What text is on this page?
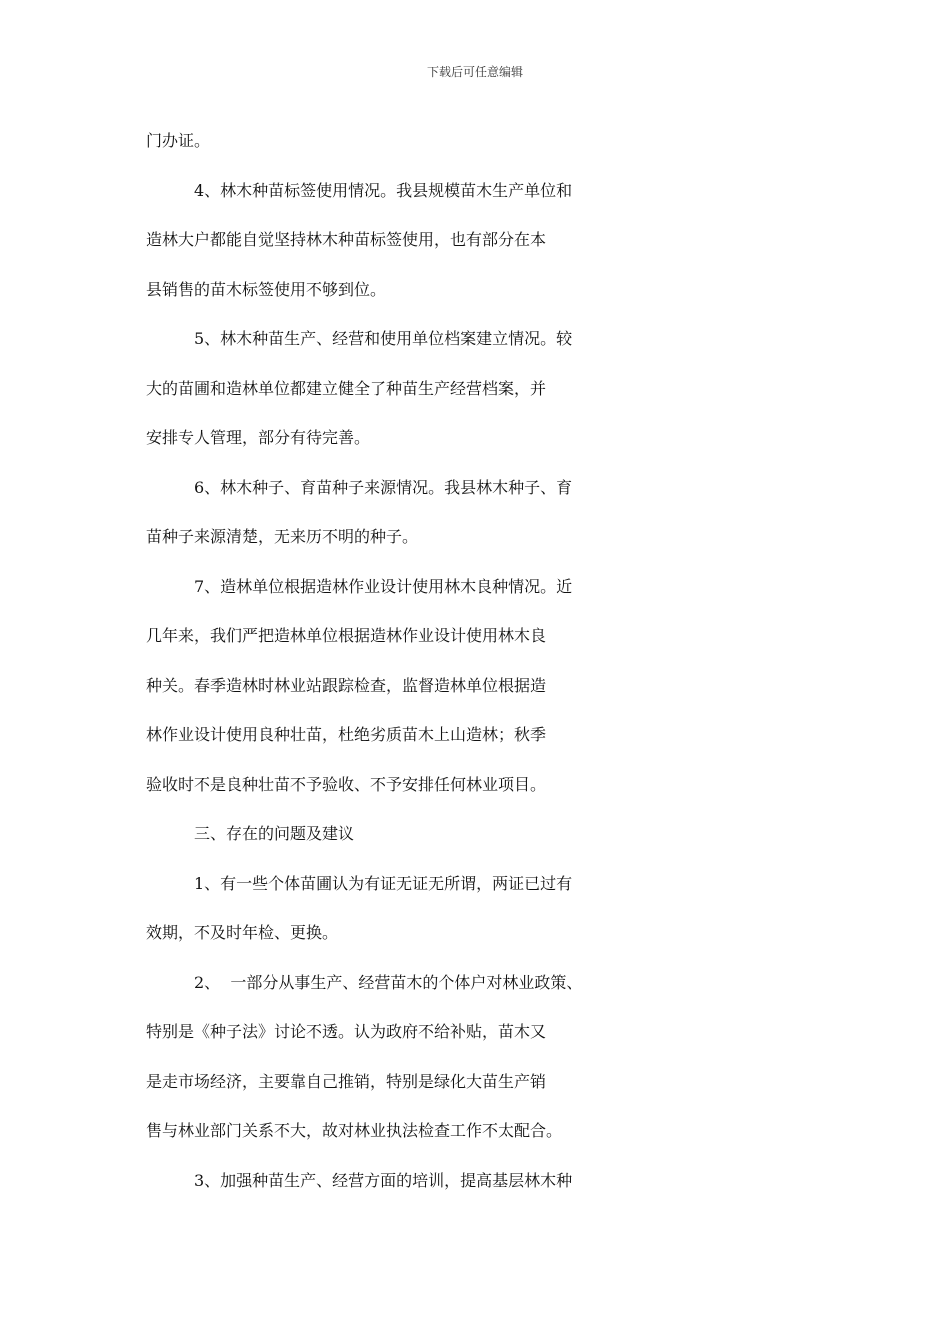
下载后可任意编辑
门办证。
4、林木种苗标签使用情况。我县规模苗木生产单位和
造林大户都能自觉坚持林木种苗标签使用，也有部分在本
县销售的苗木标签使用不够到位。
5、林木种苗生产、经营和使用单位档案建立情况。较
大的苗圃和造林单位都建立健全了种苗生产经营档案，并
安排专人管理，部分有待完善。
6、林木种子、育苗种子来源情况。我县林木种子、育
苗种子来源清楚，无来历不明的种子。
7、造林单位根据造林作业设计使用林木良种情况。近
几年来，我们严把造林单位根据造林作业设计使用林木良
种关。春季造林时林业站跟踪检查，监督造林单位根据造
林作业设计使用良种壮苗，杜绝劣质苗木上山造林；秋季
验收时不是良种壮苗不予验收、不予安排任何林业项目。
三、存在的问题及建议
1、有一些个体苗圃认为有证无证无所谓，两证已过有
效期，不及时年检、更换。
2、  一部分从事生产、经营苗木的个体户对林业政策、
特别是《种子法》讨论不透。认为政府不给补贴，苗木又
是走市场经济，主要靠自己推销，特别是绿化大苗生产销
售与林业部门关系不大，故对林业执法检查工作不太配合。
3、加强种苗生产、经营方面的培训，提高基层林木种
